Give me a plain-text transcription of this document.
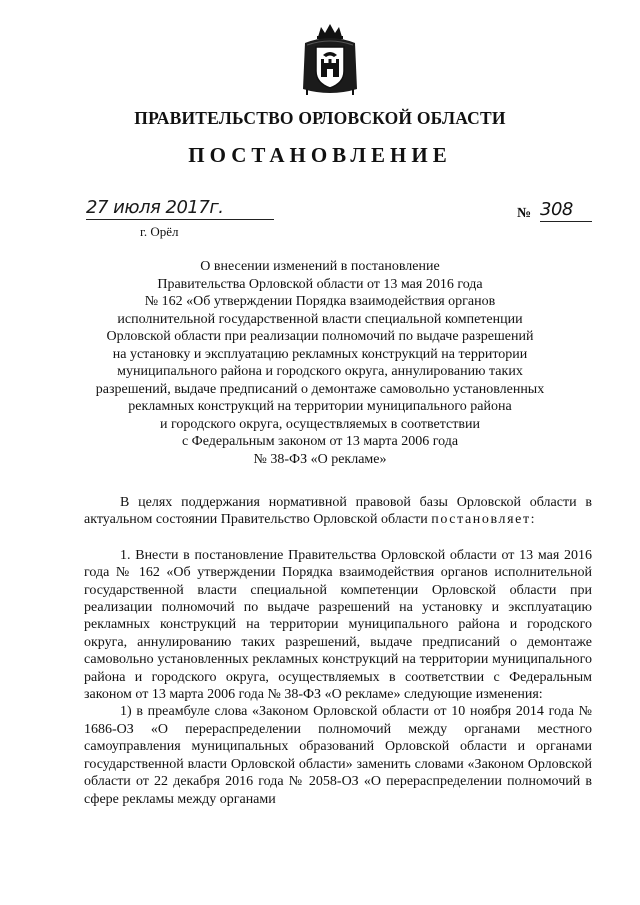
ПРАВИТЕЛЬСТВО ОРЛОВСКОЙ ОБЛАСТИ
ПОСТАНОВЛЕНИЕ
27 июля 2017г.
г. Орёл
№ 308

О внесении изменений в постановление

Правительства Орловской области от 13 мая 2016 года

№ 162 «Об утверждении Порядка взаимодействия органов

исполнительной государственной власти специальной компетенции

Орловской области при реализации полномочий по выдаче разрешений

на установку и эксплуатацию рекламных конструкций на территории

муниципального района и городского округа, аннулированию таких

разрешений, выдаче предписаний о демонтаже самовольно установленных

рекламных конструкций на территории муниципального района

и городского округа, осуществляемых в соответствии

с Федеральным законом от 13 марта 2006 года

№ 38-ФЗ «О рекламе»

В целях поддержания нормативной правовой базы Орловской области в актуальном состоянии Правительство Орловской области постановляет:

1. Внести в постановление Правительства Орловской области от 13 мая 2016 года № 162 «Об утверждении Порядка взаимодействия органов исполнительной государственной власти специальной компетенции Орловской области при реализации полномочий по выдаче разрешений на установку и эксплуатацию рекламных конструкций на территории муниципального района и городского округа, аннулированию таких разрешений, выдаче предписаний о демонтаже самовольно установленных рекламных конструкций на территории муниципального района и городского округа, осуществляемых в соответствии с Федеральным законом от 13 марта 2006 года № 38-ФЗ «О рекламе» следующие изменения:

1) в преамбуле слова «Законом Орловской области от 10 ноября 2014 года № 1686-ОЗ «О перераспределении полномочий между органами местного самоуправления муниципальных образований Орловской области и органами государственной власти Орловской области» заменить словами «Законом Орловской области от 22 декабря 2016 года № 2058-ОЗ «О перераспределении полномочий в сфере рекламы между органами
